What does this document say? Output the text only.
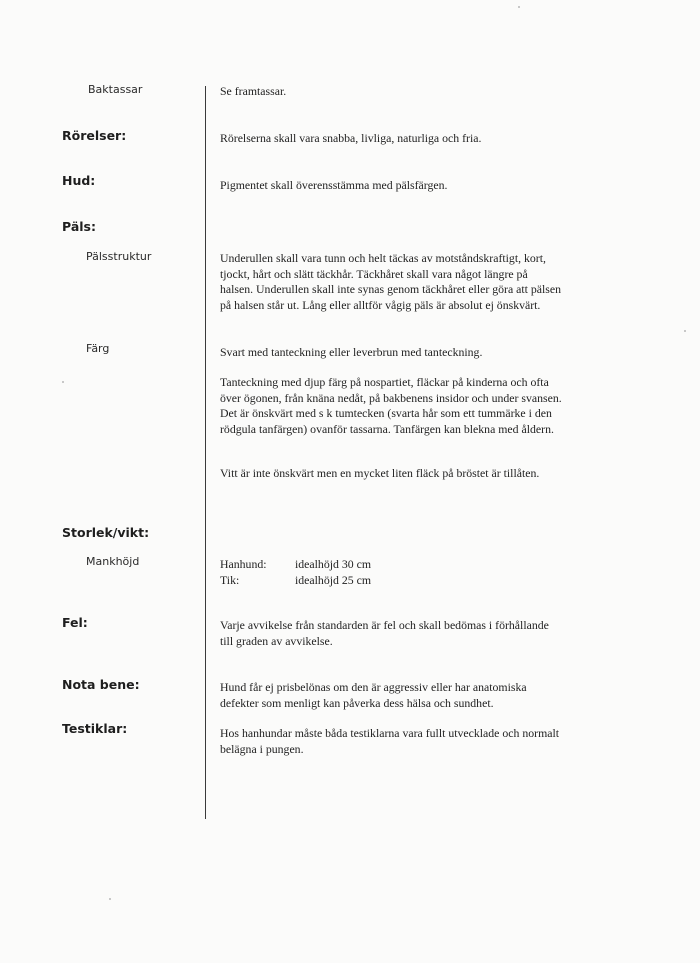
Baktassar	Se framtassar.

Rörelser:	Rörelserna skall vara snabba, livliga, naturliga och fria.

Hud:	Pigmentet skall överensstämma med pälsfärgen.

Päls:
Pälsstruktur	Underullen skall vara tunn och helt täckas av motståndskraftigt, kort, tjockt, hårt och slätt täckhår. Täckhåret skall vara något längre på halsen. Underullen skall inte synas genom täckhåret eller göra att pälsen på halsen står ut. Lång eller alltför vågig päls är absolut ej önskvärt.

Färg	Svart med tanteckning eller leverbrun med tanteckning.

Tanteckning med djup färg på nospartiet, fläckar på kinderna och ofta över ögonen, från knäna nedåt, på bakbenens insidor och under svansen. Det är önskvärt med s k tumtecken (svarta hår som ett tummärke i den rödgula tanfärgen) ovanför tassarna. Tanfärgen kan blekna med åldern.

Vitt är inte önskvärt men en mycket liten fläck på bröstet är tillåten.

Storlek/vikt:
Mankhöjd	Hanhund:	idealhöjd 30 cm
Tik:	idealhöjd 25 cm
Fel:	Varje avvikelse från standarden är fel och skall bedömas i förhållande till graden av avvikelse.

Nota bene:	Hund får ej prisbelönas om den är aggressiv eller har anatomiska defekter som menligt kan påverka dess hälsa och sundhet.

Testiklar:	Hos hanhundar måste båda testiklarna vara fullt utvecklade och normalt belägna i pungen.
